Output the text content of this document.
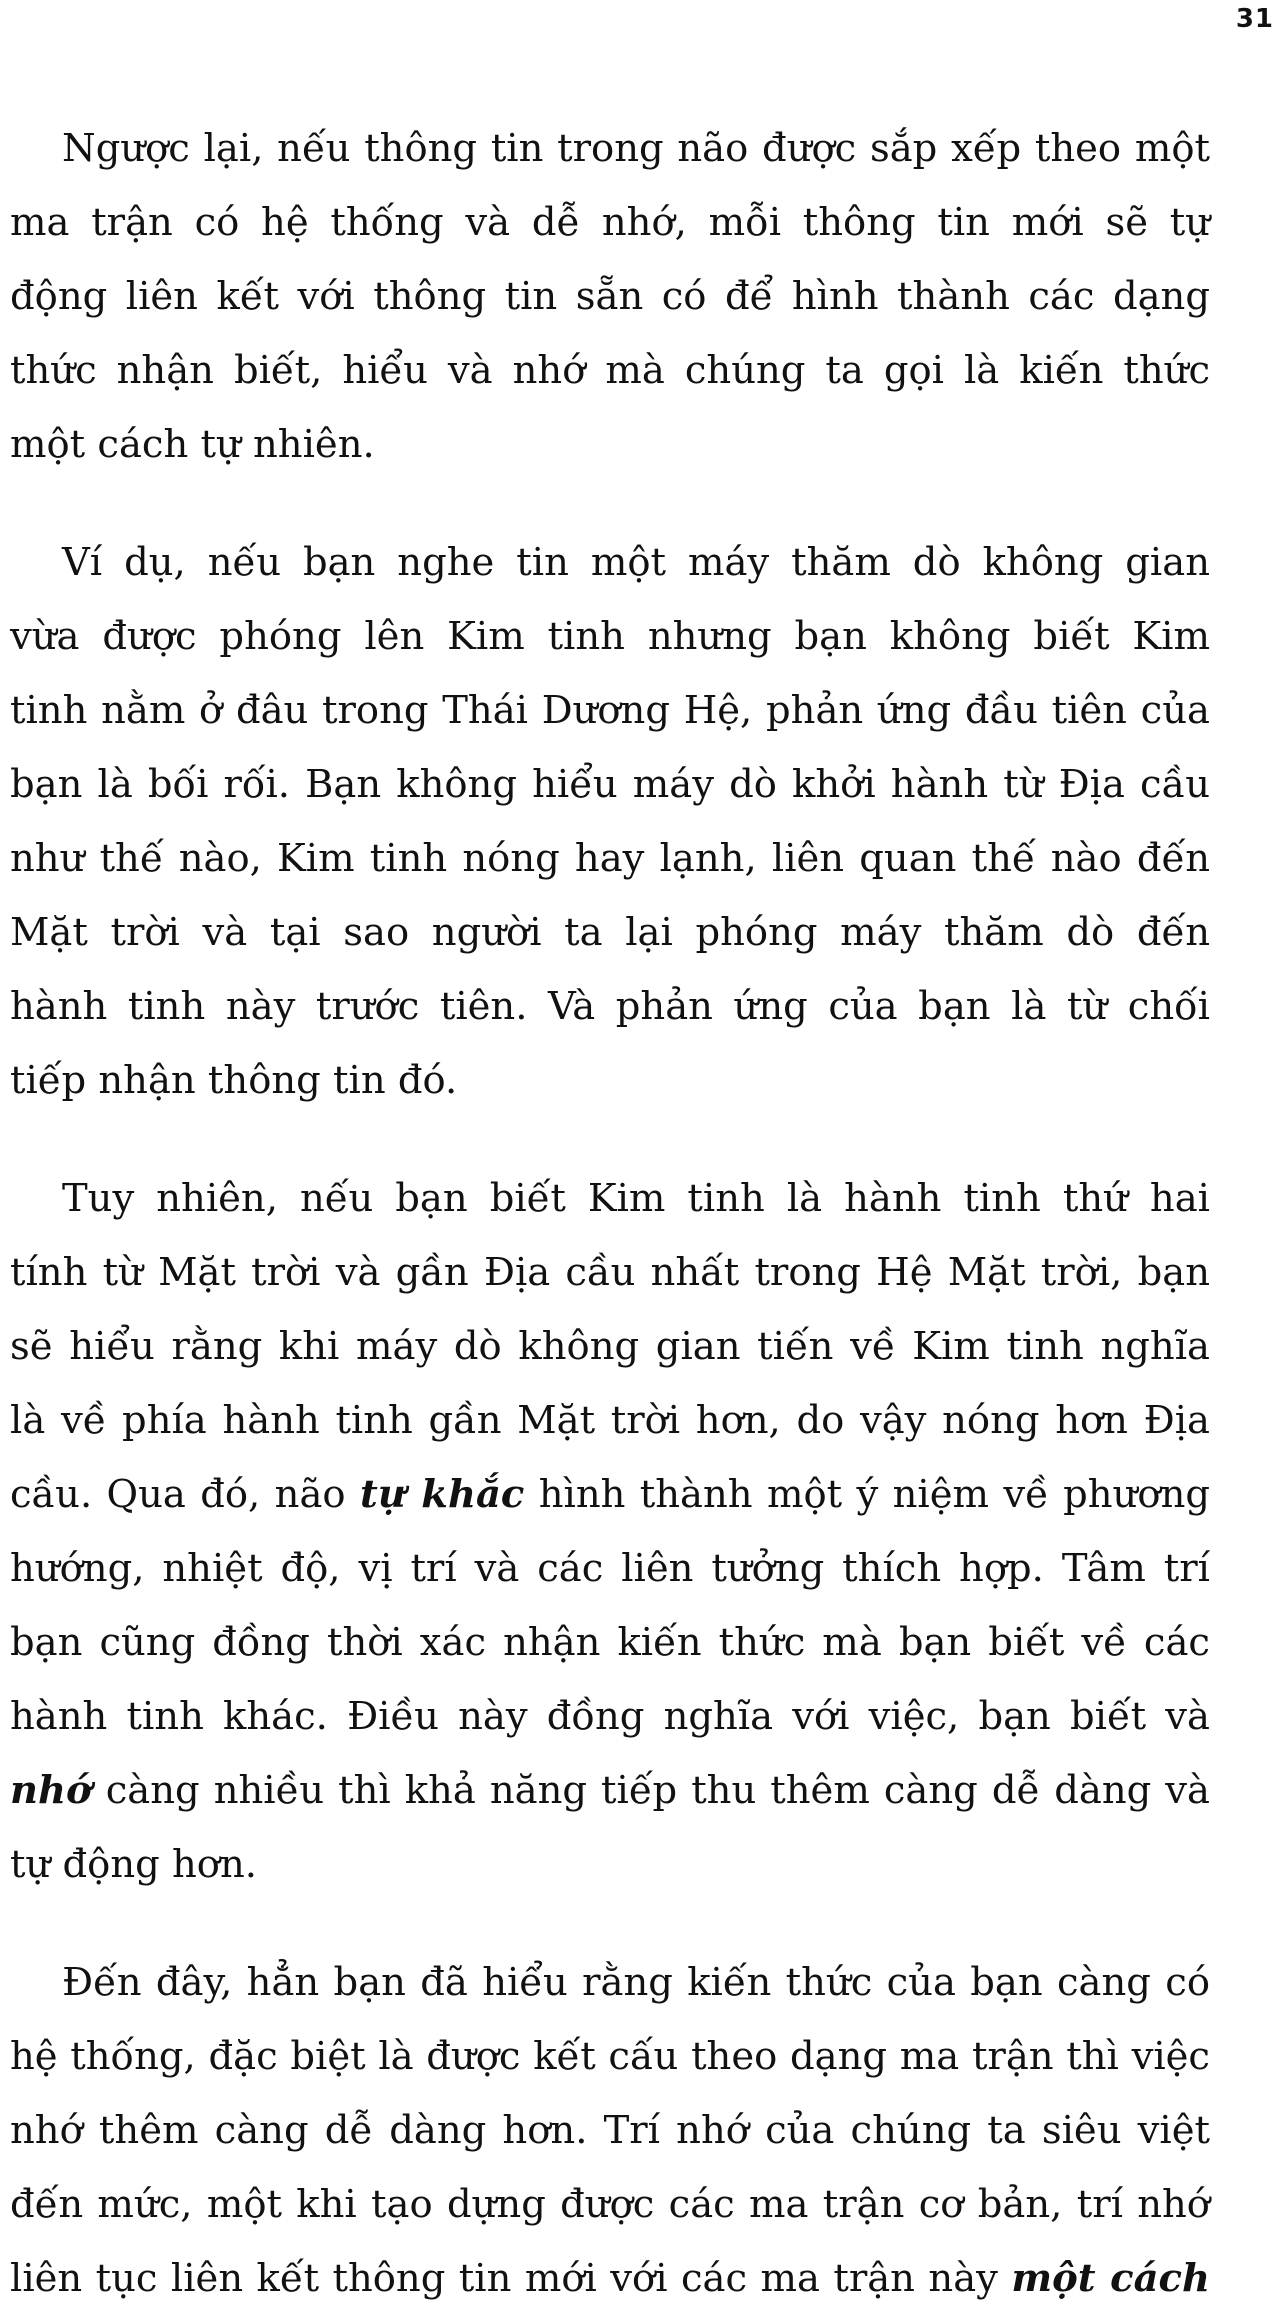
31

Ngược lại, nếu thông tin trong não được sắp xếp theo một
ma trận có hệ thống và dễ nhớ, mỗi thông tin mới sẽ tự
động liên kết với thông tin sẵn có để hình thành các dạng
thức nhận biết, hiểu và nhớ mà chúng ta gọi là kiến thức
một cách tự nhiên.

Ví dụ, nếu bạn nghe tin một máy thăm dò không gian
vừa được phóng lên Kim tinh nhưng bạn không biết Kim
tinh nằm ở đâu trong Thái Dương Hệ, phản ứng đầu tiên của
bạn là bối rối. Bạn không hiểu máy dò khởi hành từ Địa cầu
như thế nào, Kim tinh nóng hay lạnh, liên quan thế nào đến
Mặt trời và tại sao người ta lại phóng máy thăm dò đến
hành tinh này trước tiên. Và phản ứng của bạn là từ chối
tiếp nhận thông tin đó.

Tuy nhiên, nếu bạn biết Kim tinh là hành tinh thứ hai
tính từ Mặt trời và gần Địa cầu nhất trong Hệ Mặt trời, bạn
sẽ hiểu rằng khi máy dò không gian tiến về Kim tinh nghĩa
là về phía hành tinh gần Mặt trời hơn, do vậy nóng hơn Địa
cầu. Qua đó, não tự khắc hình thành một ý niệm về phương
hướng, nhiệt độ, vị trí và các liên tưởng thích hợp. Tâm trí
bạn cũng đồng thời xác nhận kiến thức mà bạn biết về các
hành tinh khác. Điều này đồng nghĩa với việc, bạn biết và
nhớ càng nhiều thì khả năng tiếp thu thêm càng dễ dàng và
tự động hơn.

Đến đây, hẳn bạn đã hiểu rằng kiến thức của bạn càng có
hệ thống, đặc biệt là được kết cấu theo dạng ma trận thì việc
nhớ thêm càng dễ dàng hơn. Trí nhớ của chúng ta siêu việt
đến mức, một khi tạo dựng được các ma trận cơ bản, trí nhớ
liên tục liên kết thông tin mới với các ma trận này một cách
